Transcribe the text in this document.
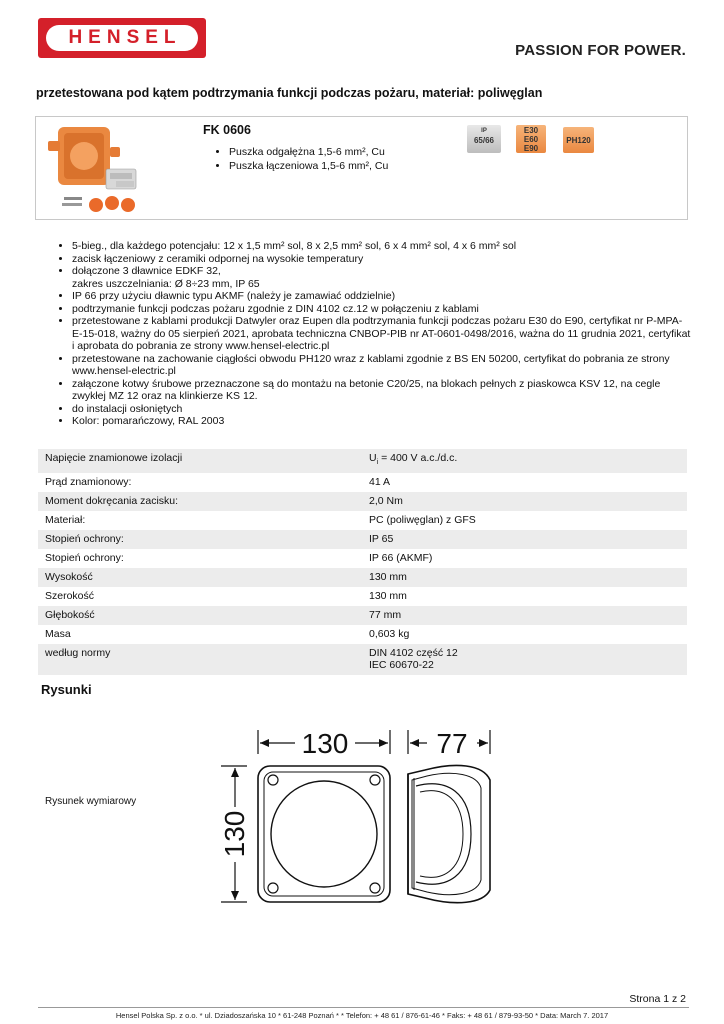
HENSEL
PASSION FOR POWER.
przetestowana pod kątem podtrzymania funkcji podczas pożaru, materiał: poliwęglan
FK 0606
• Puszka odgałężna 1,5-6 mm², Cu
• Puszka łączeniowa 1,5-6 mm², Cu
IP
65/66
E30
E60
E90
PH120
• 5-bieg., dla każdego potencjału: 12 x 1,5 mm² sol, 8 x 2,5 mm² sol, 6 x 4 mm² sol, 4 x 6 mm² sol
• zacisk łączeniowy z ceramiki odpornej na wysokie temperatury
• dołączone 3 dławnice EDKF 32,
zakres uszczelniania: Ø 8÷23 mm, IP 65
• IP 66 przy użyciu dławnic typu AKMF (należy je zamawiać oddzielnie)
• podtrzymanie funkcji podczas pożaru zgodnie z DIN 4102 cz.12 w połączeniu z kablami
• przetestowane z kablami produkcji Datwyler oraz Eupen dla podtrzymania funkcji podczas pożaru E30 do E90, certyfikat nr P-MPA-E-15-018, ważny do 05 sierpień 2021, aprobata techniczna CNBOP-PIB nr AT-0601-0498/2016, ważna do 11 grudnia 2021, certyfikat i aprobata do pobrania ze strony www.hensel-electric.pl
• przetestowane na zachowanie ciągłości obwodu PH120 wraz z kablami zgodnie z BS EN 50200, certyfikat do pobrania ze strony www.hensel-electric.pl
• załączone kotwy śrubowe przeznaczone są do montażu na betonie C20/25, na blokach pełnych z piaskowca KSV 12, na cegle zwykłej MZ 12 oraz na klinkierze KS 12.
• do instalacji osłoniętych
• Kolor: pomarańczowy, RAL 2003
Napięcie znamionowe izolacji	$U_i = 400$ V a.c./d.c.
Prąd znamionowy:	41 A
Moment dokręcania zacisku:	2,0 Nm
Materiał:	PC (poliwęglan) z GFS
Stopień ochrony:	IP 65
Stopień ochrony:	IP 66 (AKMF)
Wysokość	130 mm
Szerokość	130 mm
Głębokość	77 mm
Masa	0,603 kg
według normy	DIN 4102 część 12
IEC 60670-22
Rysunki
Rysunek wymiarowy
130	77
130
Strona 1 z 2
Hensel Polska Sp. z o.o. * ul. Dziadoszańska 10 * 61-248 Poznań * * Telefon: + 48 61 / 876-61-46 * Faks: + 48 61 / 879-93-50 * Data: March 7. 2017
